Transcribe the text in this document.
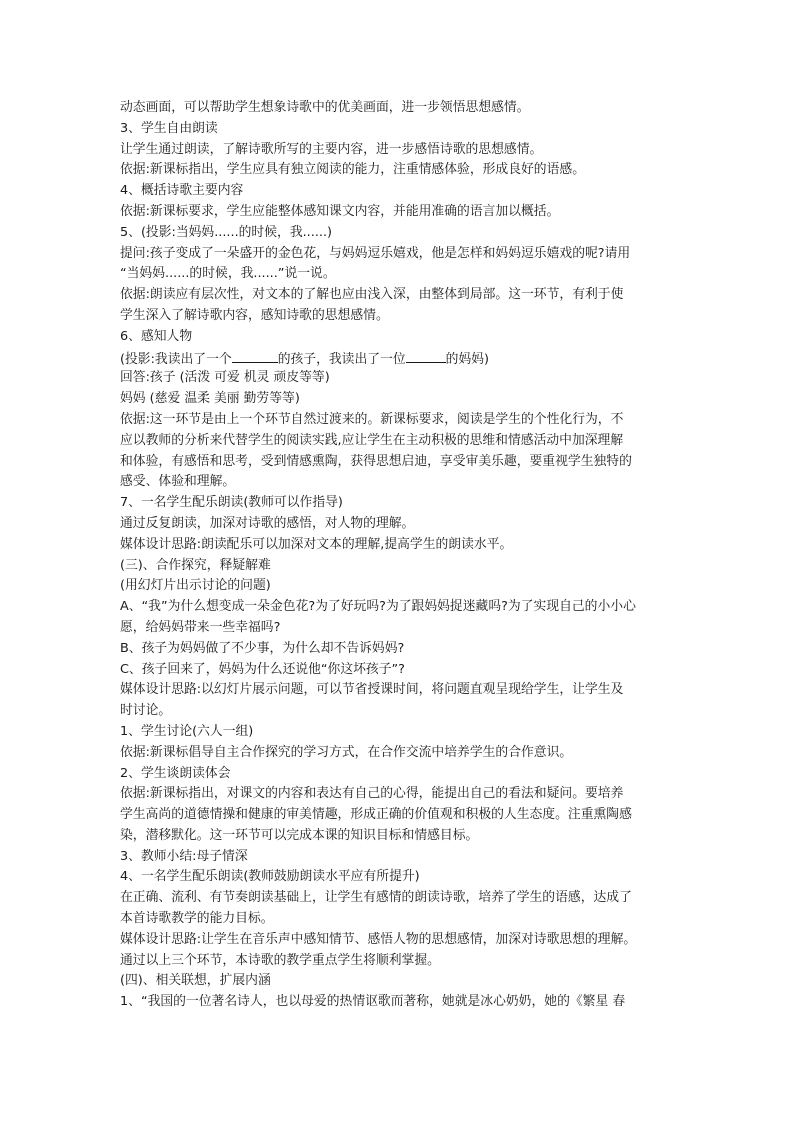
动态画面，可以帮助学生想象诗歌中的优美画面，进一步领悟思想感情。
3、学生自由朗读
让学生通过朗读，了解诗歌所写的主要内容，进一步感悟诗歌的思想感情。
依据:新课标指出，学生应具有独立阅读的能力，注重情感体验，形成良好的语感。
4、概括诗歌主要内容
依据:新课标要求，学生应能整体感知课文内容，并能用准确的语言加以概括。
5、(投影:当妈妈......的时候，我......)
提问:孩子变成了一朵盛开的金色花，与妈妈逗乐嬉戏，他是怎样和妈妈逗乐嬉戏的呢?请用
“当妈妈......的时候，我......”说一说。
依据:朗读应有层次性，对文本的了解也应由浅入深，由整体到局部。这一环节，有利于使
学生深入了解诗歌内容，感知诗歌的思想感情。
6、感知人物
(投影:我读出了一个	的孩子，我读出了一位	的妈妈)
回答:孩子 (活泼 可爱 机灵 顽皮等等)
妈妈 (慈爱 温柔 美丽 勤劳等等)
依据:这一环节是由上一个环节自然过渡来的。新课标要求，阅读是学生的个性化行为，不
应以教师的分析来代替学生的阅读实践,应让学生在主动积极的思维和情感活动中加深理解
和体验，有感悟和思考，受到情感熏陶，获得思想启迪，享受审美乐趣，要重视学生独特的
感受、体验和理解。
7、一名学生配乐朗读(教师可以作指导)
通过反复朗读，加深对诗歌的感悟，对人物的理解。
媒体设计思路:朗读配乐可以加深对文本的理解,提高学生的朗读水平。
(三)、合作探究，释疑解难
(用幻灯片出示讨论的问题)
A、“我”为什么想变成一朵金色花?为了好玩吗?为了跟妈妈捉迷藏吗?为了实现自己的小小心
愿，给妈妈带来一些幸福吗?
B、孩子为妈妈做了不少事，为什么却不告诉妈妈?
C、孩子回来了，妈妈为什么还说他“你这坏孩子”?
媒体设计思路:以幻灯片展示问题，可以节省授课时间，将问题直观呈现给学生，让学生及
时讨论。
1、学生讨论(六人一组)
依据:新课标倡导自主合作探究的学习方式，在合作交流中培养学生的合作意识。
2、学生谈朗读体会
依据:新课标指出，对课文的内容和表达有自己的心得，能提出自己的看法和疑问。要培养
学生高尚的道德情操和健康的审美情趣，形成正确的价值观和积极的人生态度。注重熏陶感
染，潜移默化。这一环节可以完成本课的知识目标和情感目标。
3、教师小结:母子情深
4、一名学生配乐朗读(教师鼓励朗读水平应有所提升)
在正确、流利、有节奏朗读基础上，让学生有感情的朗读诗歌，培养了学生的语感，达成了
本首诗歌教学的能力目标。
媒体设计思路:让学生在音乐声中感知情节、感悟人物的思想感情，加深对诗歌思想的理解。
通过以上三个环节，本诗歌的教学重点学生将顺利掌握。
(四)、相关联想，扩展内涵
1、“我国的一位著名诗人，也以母爱的热情讴歌而著称，她就是冰心奶奶，她的《繁星 春
